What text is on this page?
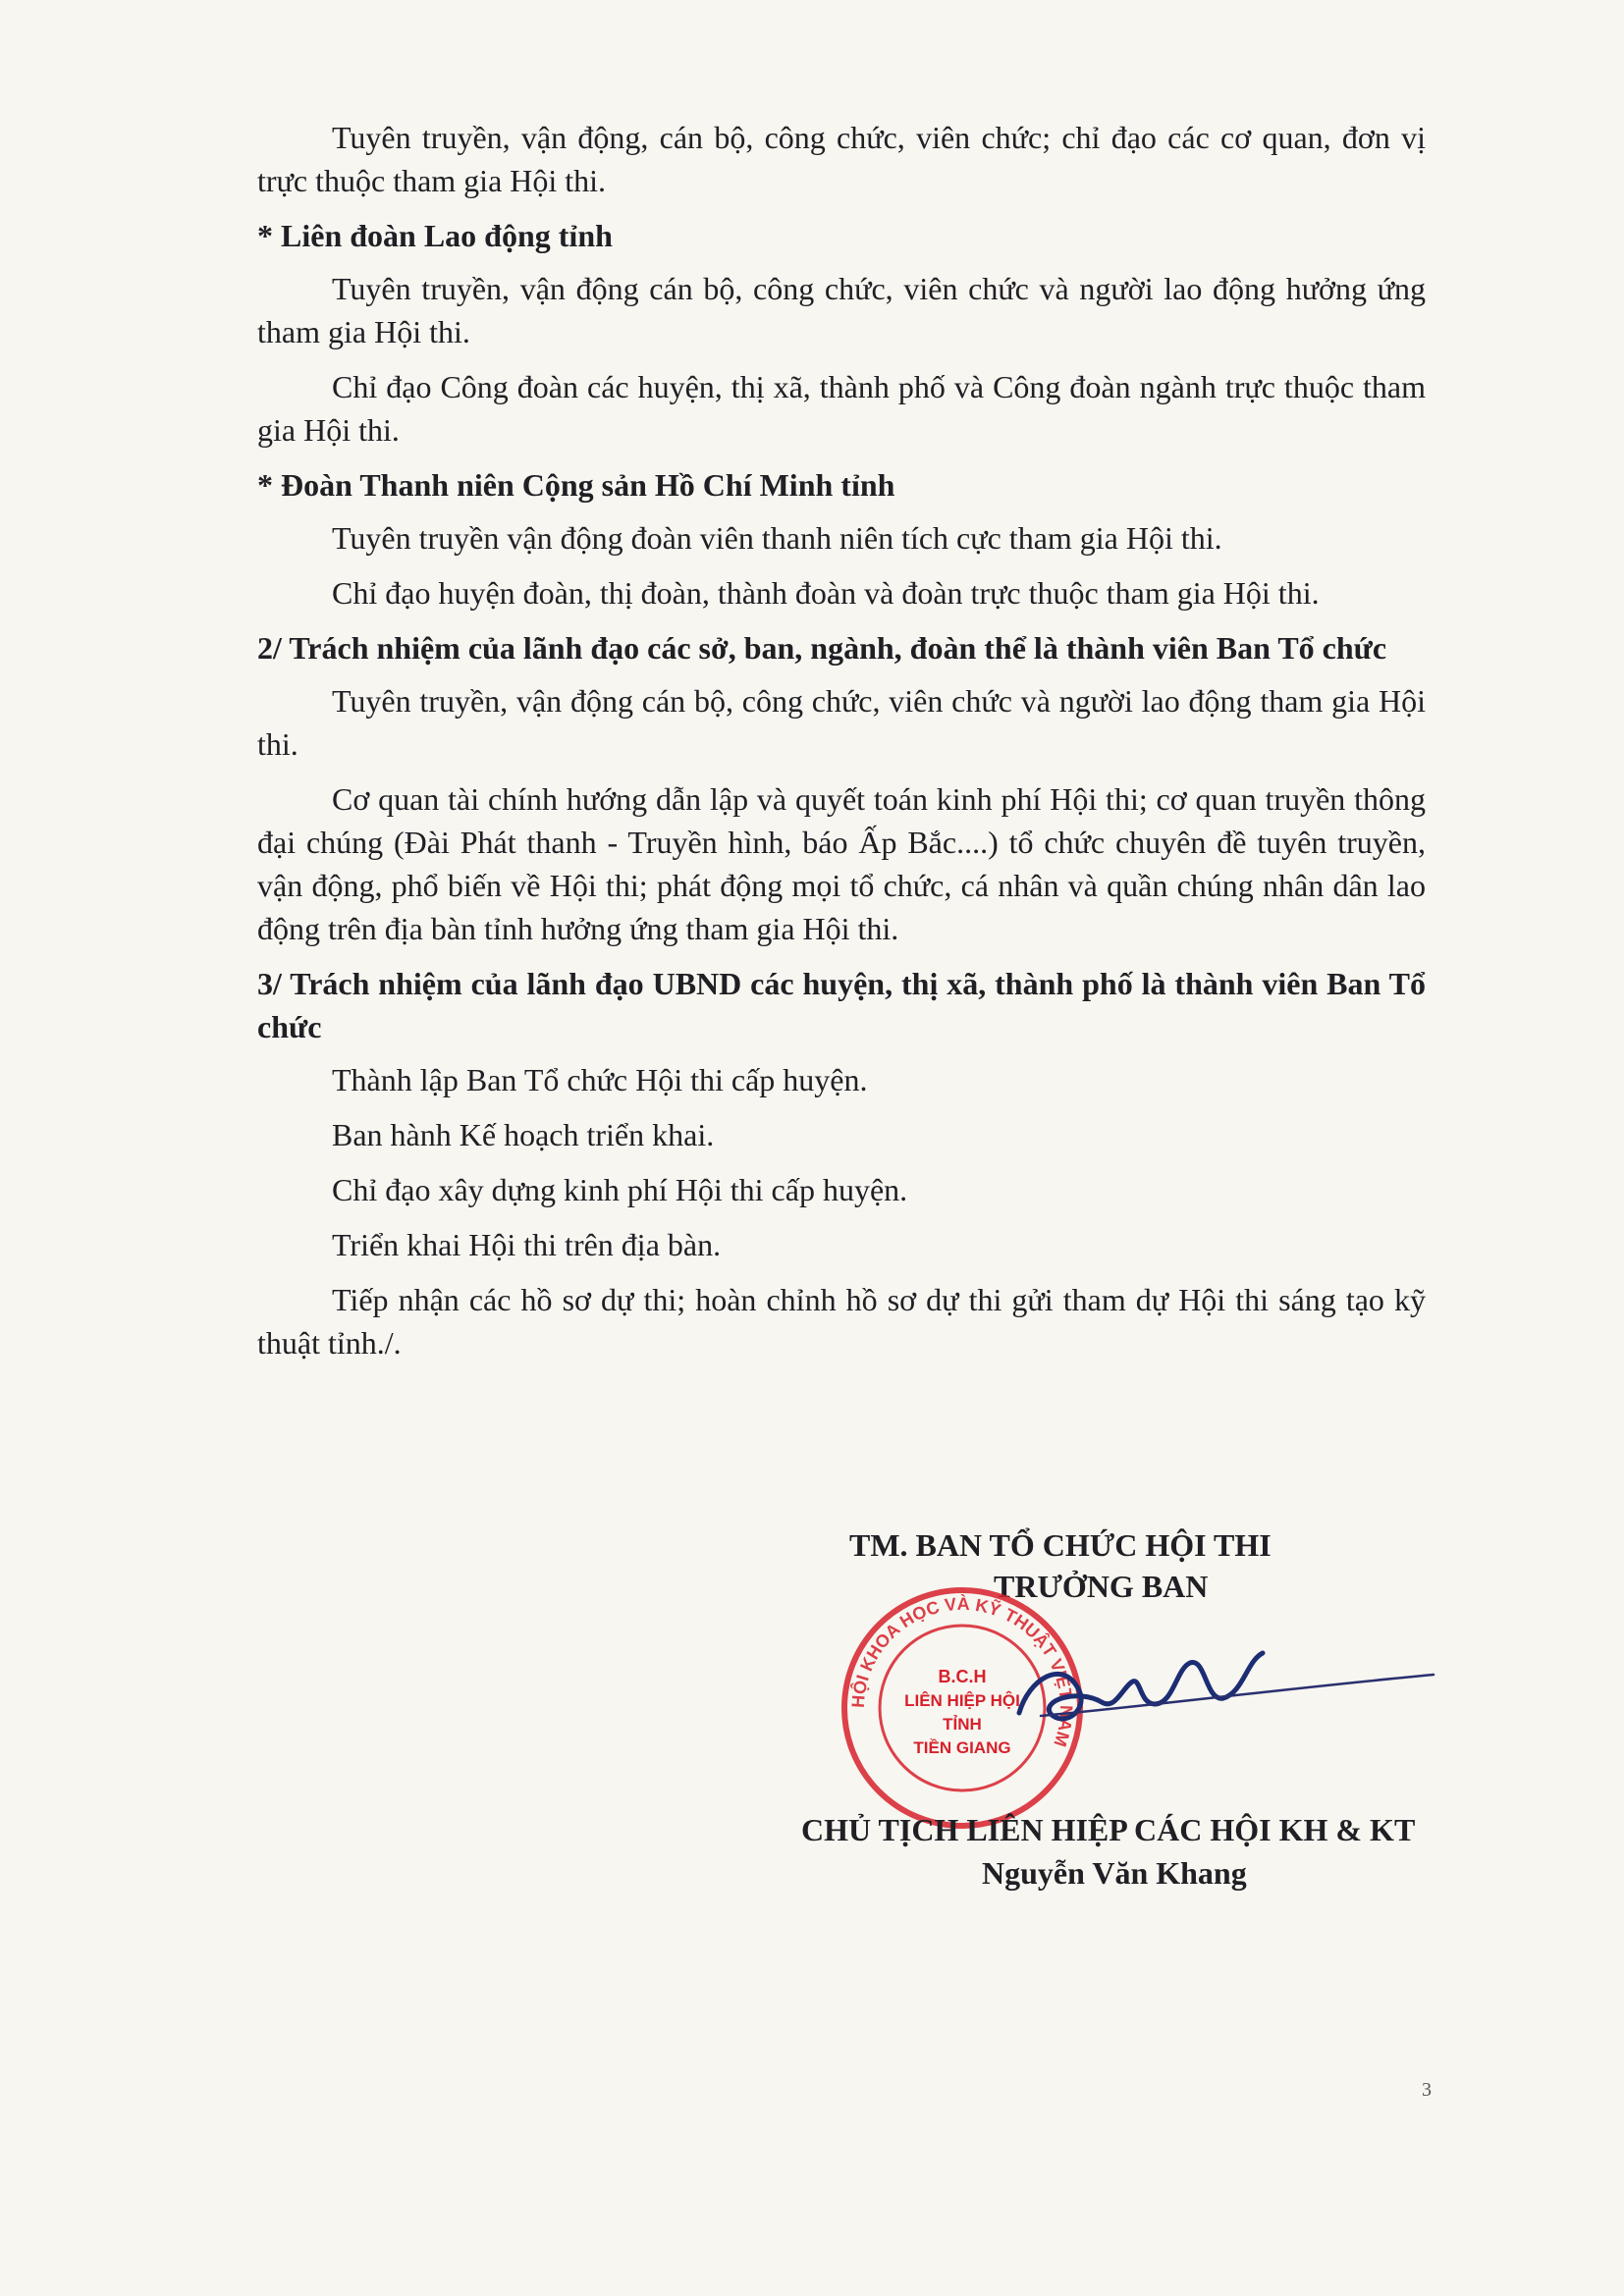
Tuyên truyền, vận động, cán bộ, công chức, viên chức; chỉ đạo các cơ quan, đơn vị trực thuộc tham gia Hội thi.

* Liên đoàn Lao động tỉnh

Tuyên truyền, vận động cán bộ, công chức, viên chức và người lao động hưởng ứng tham gia Hội thi.

Chỉ đạo Công đoàn các huyện, thị xã, thành phố và Công đoàn ngành trực thuộc tham gia Hội thi.

* Đoàn Thanh niên Cộng sản Hồ Chí Minh tỉnh

Tuyên truyền vận động đoàn viên thanh niên tích cực tham gia Hội thi.

Chỉ đạo huyện đoàn, thị đoàn, thành đoàn và đoàn trực thuộc tham gia Hội thi.

2/ Trách nhiệm của lãnh đạo các sở, ban, ngành, đoàn thể là thành viên Ban Tổ chức

Tuyên truyền, vận động cán bộ, công chức, viên chức và người lao động tham gia Hội thi.

Cơ quan tài chính hướng dẫn lập và quyết toán kinh phí Hội thi; cơ quan truyền thông đại chúng (Đài Phát thanh - Truyền hình, báo Ấp Bắc....) tổ chức chuyên đề tuyên truyền, vận động, phổ biến về Hội thi; phát động mọi tổ chức, cá nhân và quần chúng nhân dân lao động trên địa bàn tỉnh hưởng ứng tham gia Hội thi.

3/ Trách nhiệm của lãnh đạo UBND các huyện, thị xã, thành phố là thành viên Ban Tổ chức

Thành lập Ban Tổ chức Hội thi cấp huyện.

Ban hành Kế hoạch triển khai.

Chỉ đạo xây dựng kinh phí Hội thi cấp huyện.

Triển khai Hội thi trên địa bàn.

Tiếp nhận các hồ sơ dự thi; hoàn chỉnh hồ sơ dự thi gửi tham dự Hội thi sáng tạo kỹ thuật tỉnh./.

TM. BAN TỔ CHỨC HỘI THI
TRƯỞNG BAN
HỘI KHOA HỌC VÀ KỸ THUẬT VIỆT NAM
B.C.H
LIÊN HIỆP HỘI
TỈNH
TIỀN GIANG
CHỦ TỊCH LIÊN HIỆP CÁC HỘI KH & KT
Nguyễn Văn Khang
3
